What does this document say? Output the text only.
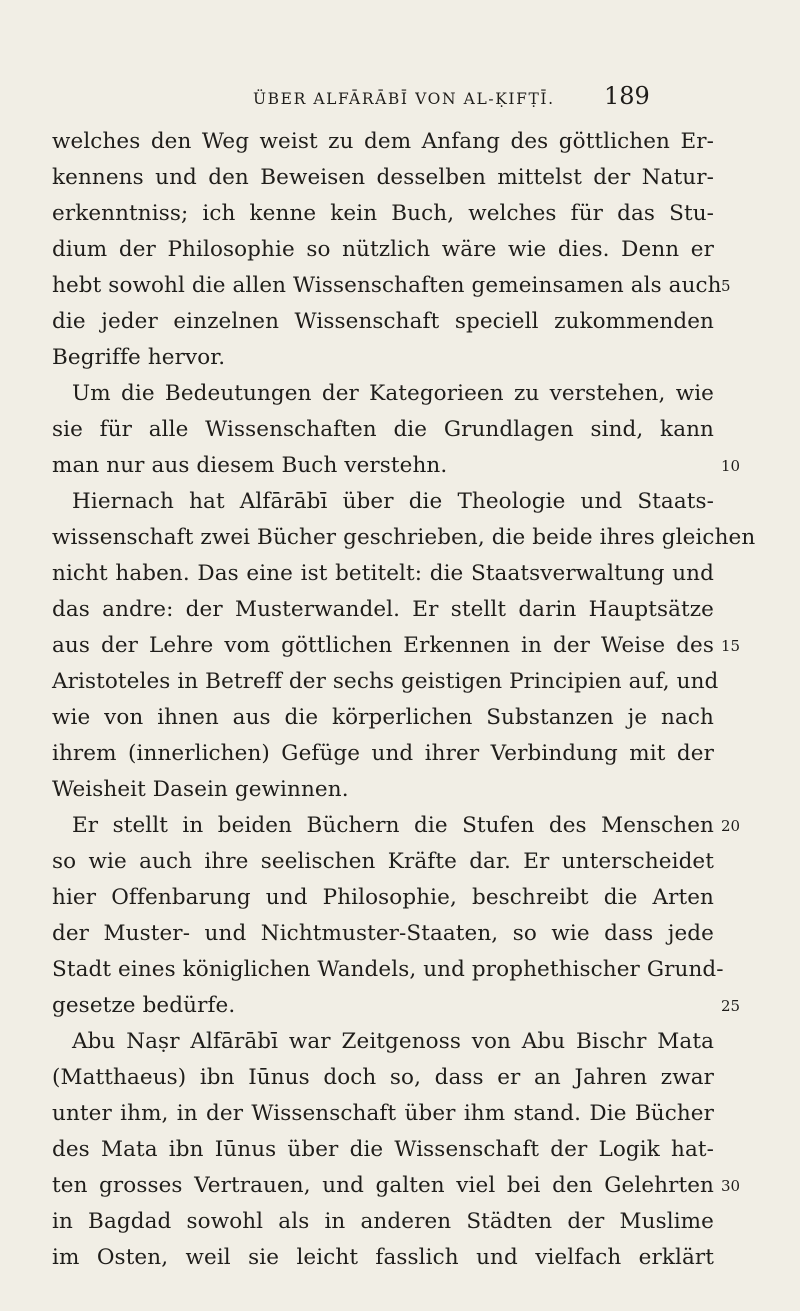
ÜBER ALFĀRĀBĪ VON AL-ḲIFṬĪ. 189
welches den Weg weist zu dem Anfang des göttlichen Er-
kennens und den Beweisen desselben mittelst der Natur-
erkenntniss; ich kenne kein Buch, welches für das Stu-
dium der Philosophie so nützlich wäre wie dies. Denn er
hebt sowohl die allen Wissenschaften gemeinsamen als auch
die jeder einzelnen Wissenschaft speciell zukommenden
Begriffe hervor.
Um die Bedeutungen der Kategorieen zu verstehen, wie
sie für alle Wissenschaften die Grundlagen sind, kann
man nur aus diesem Buch verstehn.
Hiernach hat Alfārābī über die Theologie und Staats-
wissenschaft zwei Bücher geschrieben, die beide ihres gleichen
nicht haben. Das eine ist betitelt: die Staatsverwaltung und
das andre: der Musterwandel. Er stellt darin Hauptsätze
aus der Lehre vom göttlichen Erkennen in der Weise des
Aristoteles in Betreff der sechs geistigen Principien auf, und
wie von ihnen aus die körperlichen Substanzen je nach
ihrem (innerlichen) Gefüge und ihrer Verbindung mit der
Weisheit Dasein gewinnen.
Er stellt in beiden Büchern die Stufen des Menschen
so wie auch ihre seelischen Kräfte dar. Er unterscheidet
hier Offenbarung und Philosophie, beschreibt die Arten
der Muster- und Nichtmuster-Staaten, so wie dass jede
Stadt eines königlichen Wandels, und prophethischer Grund-
gesetze bedürfe.
Abu Naṣr Alfārābī war Zeitgenoss von Abu Bischr Mata
(Matthaeus) ibn Iūnus doch so, dass er an Jahren zwar
unter ihm, in der Wissenschaft über ihm stand. Die Bücher
des Mata ibn Iūnus über die Wissenschaft der Logik hat-
ten grosses Vertrauen, und galten viel bei den Gelehrten
in Bagdad sowohl als in anderen Städten der Muslime
im Osten, weil sie leicht fasslich und vielfach erklärt
5
10
15
20
25
30
